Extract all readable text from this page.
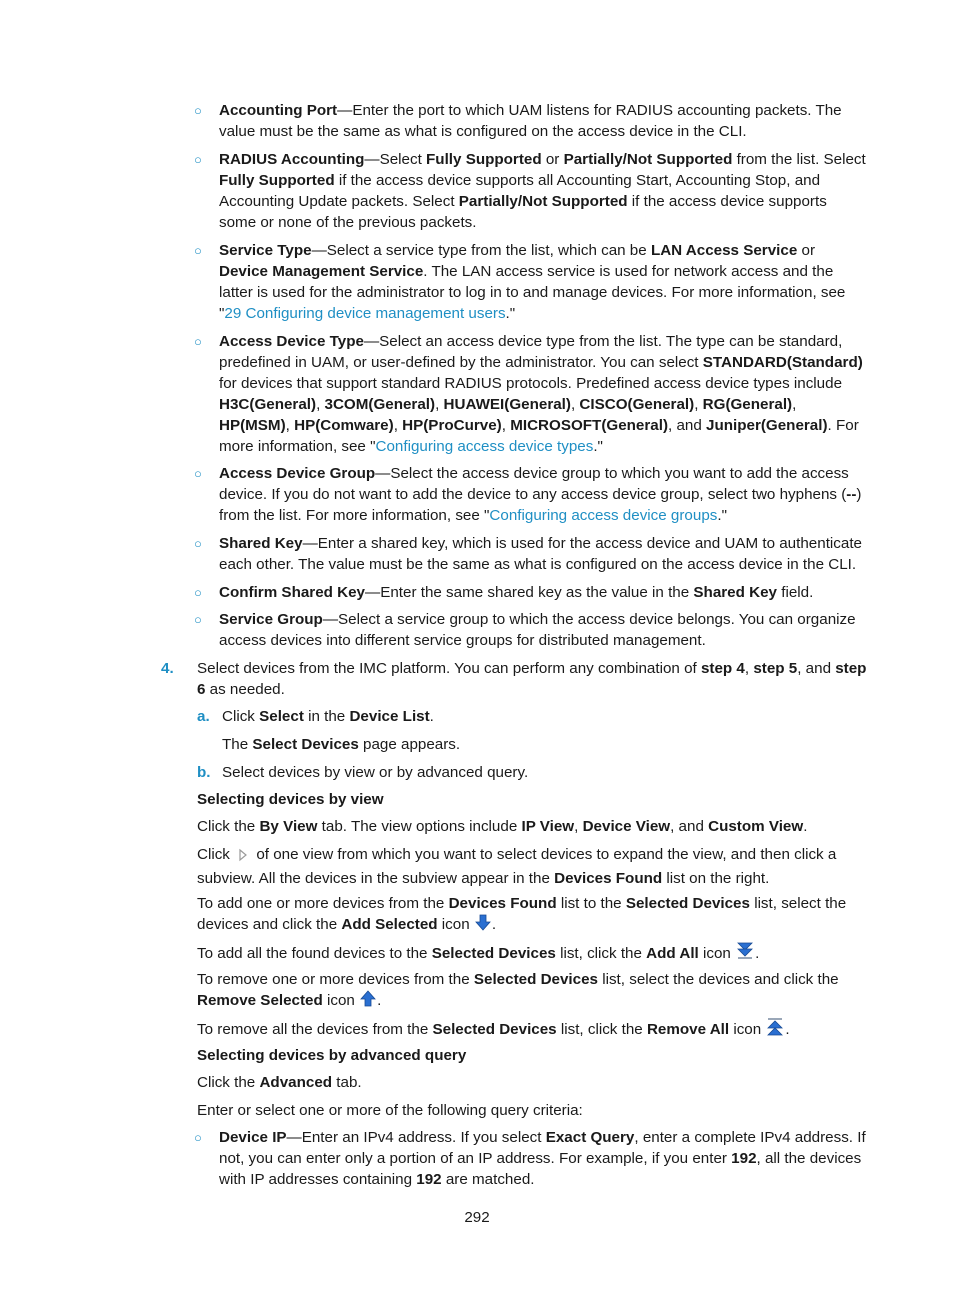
○ Accounting Port—Enter the port to which UAM listens for RADIUS accounting packets. The value must be the same as what is configured on the access device in the CLI.

○ RADIUS Accounting—Select Fully Supported or Partially/Not Supported from the list. Select Fully Supported if the access device supports all Accounting Start, Accounting Stop, and Accounting Update packets. Select Partially/Not Supported if the access device supports some or none of the previous packets.

○ Service Type—Select a service type from the list, which can be LAN Access Service or Device Management Service. The LAN access service is used for network access and the latter is used for the administrator to log in to and manage devices. For more information, see "29 Configuring device management users."

○ Access Device Type—Select an access device type from the list. The type can be standard, predefined in UAM, or user-defined by the administrator. You can select STANDARD(Standard) for devices that support standard RADIUS protocols. Predefined access device types include H3C(General), 3COM(General), HUAWEI(General), CISCO(General), RG(General), HP(MSM), HP(Comware), HP(ProCurve), MICROSOFT(General), and Juniper(General). For more information, see "Configuring access device types."

○ Access Device Group—Select the access device group to which you want to add the access device. If you do not want to add the device to any access device group, select two hyphens (--) from the list. For more information, see "Configuring access device groups."

○ Shared Key—Enter a shared key, which is used for the access device and UAM to authenticate each other. The value must be the same as what is configured on the access device in the CLI.

○ Confirm Shared Key—Enter the same shared key as the value in the Shared Key field.

○ Service Group—Select a service group to which the access device belongs. You can organize access devices into different service groups for distributed management.

4. Select devices from the IMC platform. You can perform any combination of step 4, step 5, and step 6 as needed.

a. Click Select in the Device List.

The Select Devices page appears.

b. Select devices by view or by advanced query.

Selecting devices by view

Click the By View tab. The view options include IP View, Device View, and Custom View.

Click  of one view from which you want to select devices to expand the view, and then click a subview. All the devices in the subview appear in the Devices Found list on the right.

To add one or more devices from the Devices Found list to the Selected Devices list, select the devices and click the Add Selected icon .

To add all the found devices to the Selected Devices list, click the Add All icon .

To remove one or more devices from the Selected Devices list, select the devices and click the Remove Selected icon .

To remove all the devices from the Selected Devices list, click the Remove All icon .

Selecting devices by advanced query

Click the Advanced tab.

Enter or select one or more of the following query criteria:

○ Device IP—Enter an IPv4 address. If you select Exact Query, enter a complete IPv4 address. If not, you can enter only a portion of an IP address. For example, if you enter 192, all the devices with IP addresses containing 192 are matched.

292
